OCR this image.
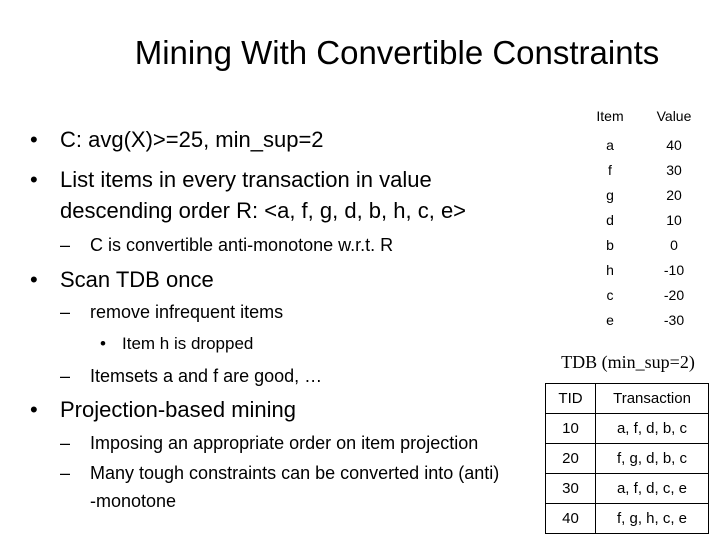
Mining With Convertible Constraints
• C: avg(X)>=25, min_sup=2
• List items in every transaction in value
descending order R: <a, f, g, d, b, h, c, e>
– C is convertible anti-monotone w.r.t. R
• Scan TDB once
– remove infrequent items
• Item h is dropped
– Itemsets a and f are good, …
• Projection-based mining
– Imposing an appropriate order on item projection
– Many tough constraints can be converted into (anti)
-monotone
Item	Value
a	40
f	30
g	20
d	10
b	0
h	-10
c	-20
e	-30
TDB (min_sup=2)
TID	Transaction
10	a, f, d, b, c
20	f, g, d, b, c
30	a, f, d, c, e
40	f, g, h, c, e
